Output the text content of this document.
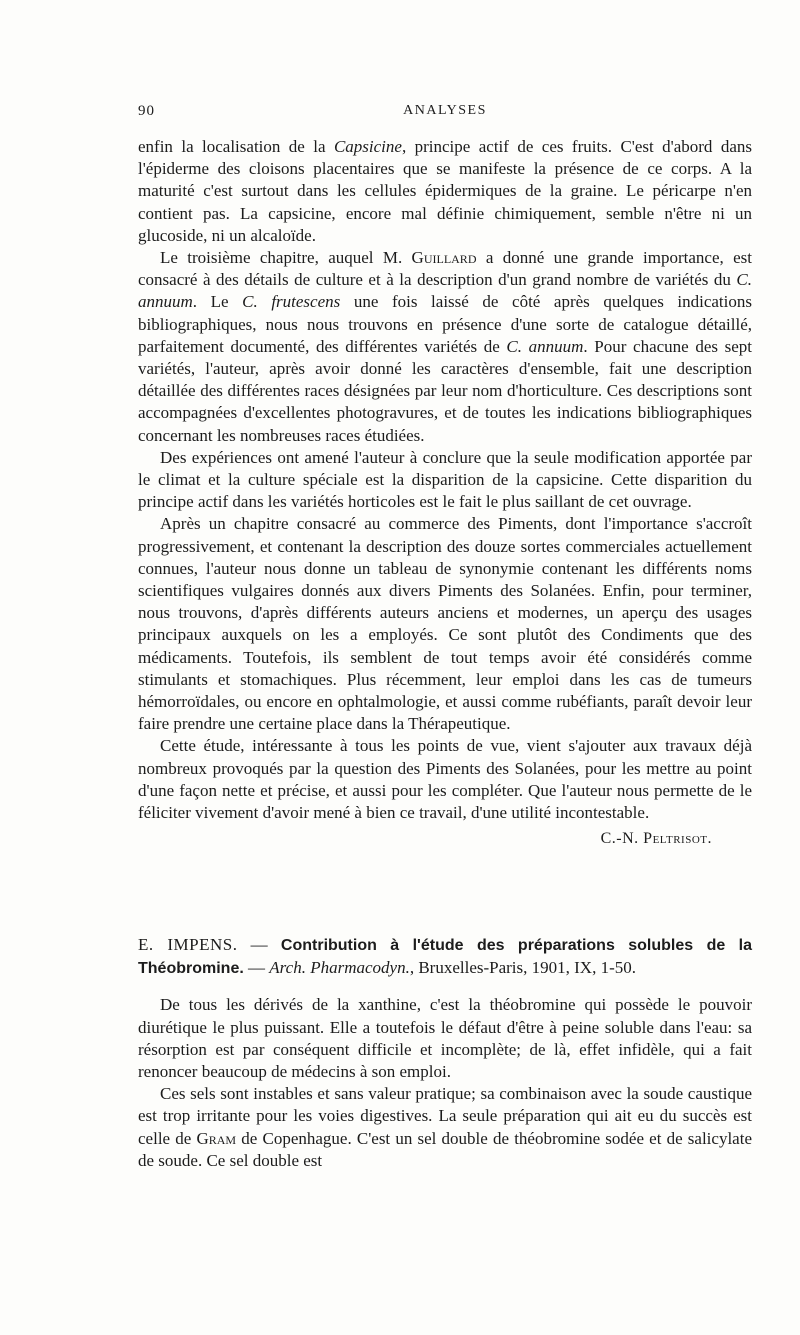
90	ANALYSES

enfin la localisation de la Capsicine, principe actif de ces fruits. C'est d'abord dans l'épiderme des cloisons placentaires que se manifeste la présence de ce corps. A la maturité c'est surtout dans les cellules épidermiques de la graine. Le péricarpe n'en contient pas. La capsicine, encore mal définie chimiquement, semble n'être ni un glucoside, ni un alcaloïde.

Le troisième chapitre, auquel M. Guillard a donné une grande importance, est consacré à des détails de culture et à la description d'un grand nombre de variétés du C. annuum. Le C. frutescens une fois laissé de côté après quelques indications bibliographiques, nous nous trouvons en présence d'une sorte de catalogue détaillé, parfaitement documenté, des différentes variétés de C. annuum. Pour chacune des sept variétés, l'auteur, après avoir donné les caractères d'ensemble, fait une description détaillée des différentes races désignées par leur nom d'horticulture. Ces descriptions sont accompagnées d'excellentes photogravures, et de toutes les indications bibliographiques concernant les nombreuses races étudiées.

Des expériences ont amené l'auteur à conclure que la seule modification apportée par le climat et la culture spéciale est la disparition de la capsicine. Cette disparition du principe actif dans les variétés horticoles est le fait le plus saillant de cet ouvrage.

Après un chapitre consacré au commerce des Piments, dont l'importance s'accroît progressivement, et contenant la description des douze sortes commerciales actuellement connues, l'auteur nous donne un tableau de synonymie contenant les différents noms scientifiques vulgaires donnés aux divers Piments des Solanées. Enfin, pour terminer, nous trouvons, d'après différents auteurs anciens et modernes, un aperçu des usages principaux auxquels on les a employés. Ce sont plutôt des Condiments que des médicaments. Toutefois, ils semblent de tout temps avoir été considérés comme stimulants et stomachiques. Plus récemment, leur emploi dans les cas de tumeurs hémorroïdales, ou encore en ophtalmologie, et aussi comme rubéfiants, paraît devoir leur faire prendre une certaine place dans la Thérapeutique.

Cette étude, intéressante à tous les points de vue, vient s'ajouter aux travaux déjà nombreux provoqués par la question des Piments des Solanées, pour les mettre au point d'une façon nette et précise, et aussi pour les compléter. Que l'auteur nous permette de le féliciter vivement d'avoir mené à bien ce travail, d'une utilité incontestable.

C.-N. Peltrisot.
E. IMPENS. — Contribution à l'étude des préparations solubles de la Théobromine. — Arch. Pharmacodyn., Bruxelles-Paris, 1901, IX, 1-50.

De tous les dérivés de la xanthine, c'est la théobromine qui possède le pouvoir diurétique le plus puissant. Elle a toutefois le défaut d'être à peine soluble dans l'eau: sa résorption est par conséquent difficile et incomplète; de là, effet infidèle, qui a fait renoncer beaucoup de médecins à son emploi.

Ces sels sont instables et sans valeur pratique; sa combinaison avec la soude caustique est trop irritante pour les voies digestives. La seule préparation qui ait eu du succès est celle de Gram de Copenhague. C'est un sel double de théobromine sodée et de salicylate de soude. Ce sel double est
